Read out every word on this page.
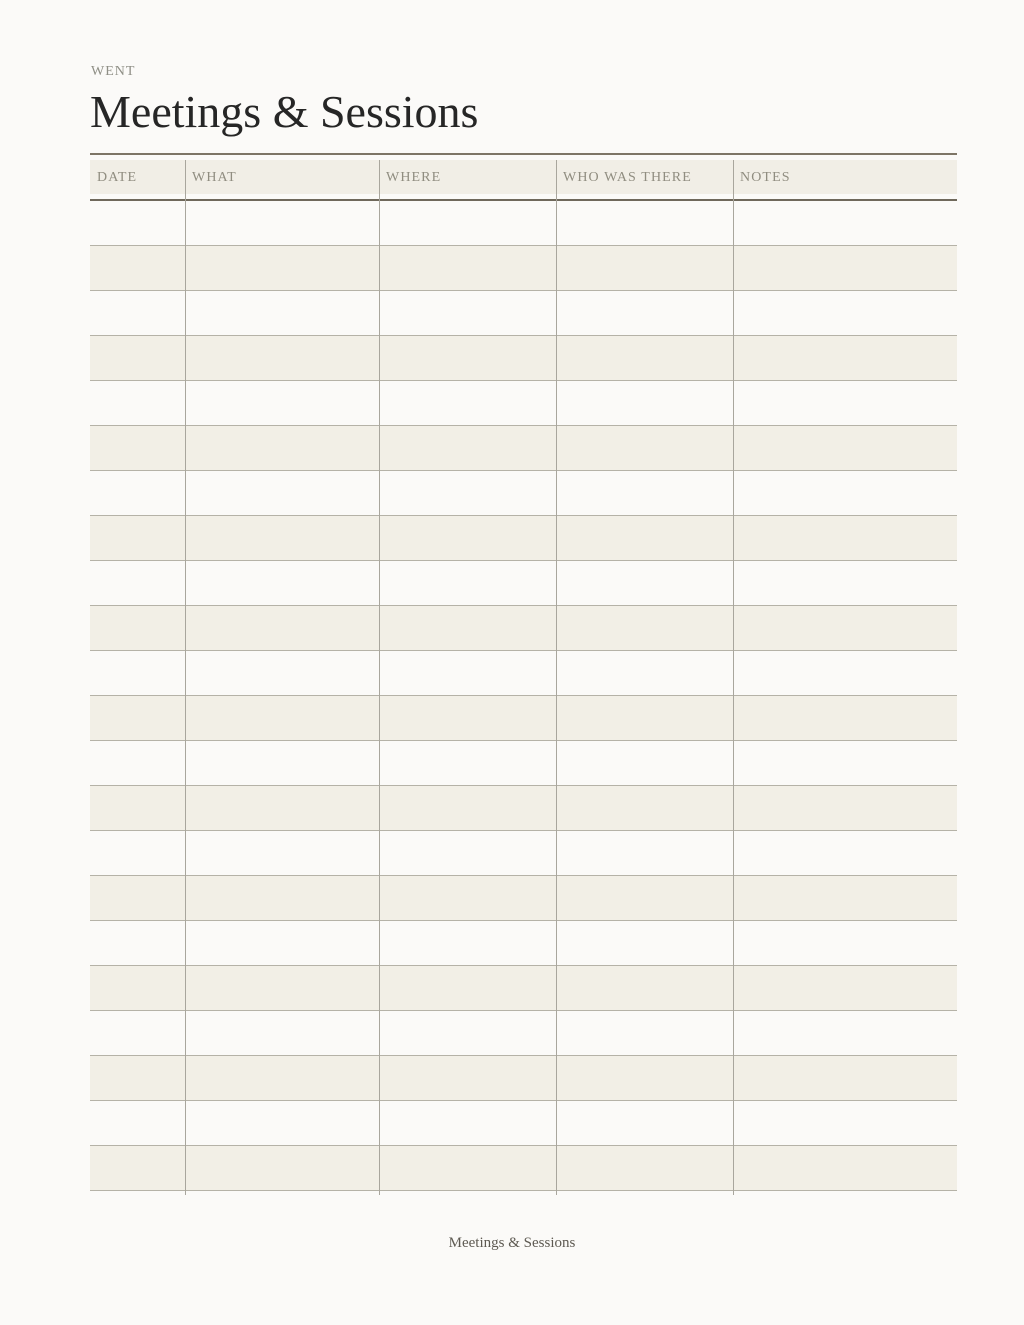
WENT
Meetings & Sessions
DATE	WHAT	WHERE	WHO WAS THERE	NOTES
Meetings & Sessions
